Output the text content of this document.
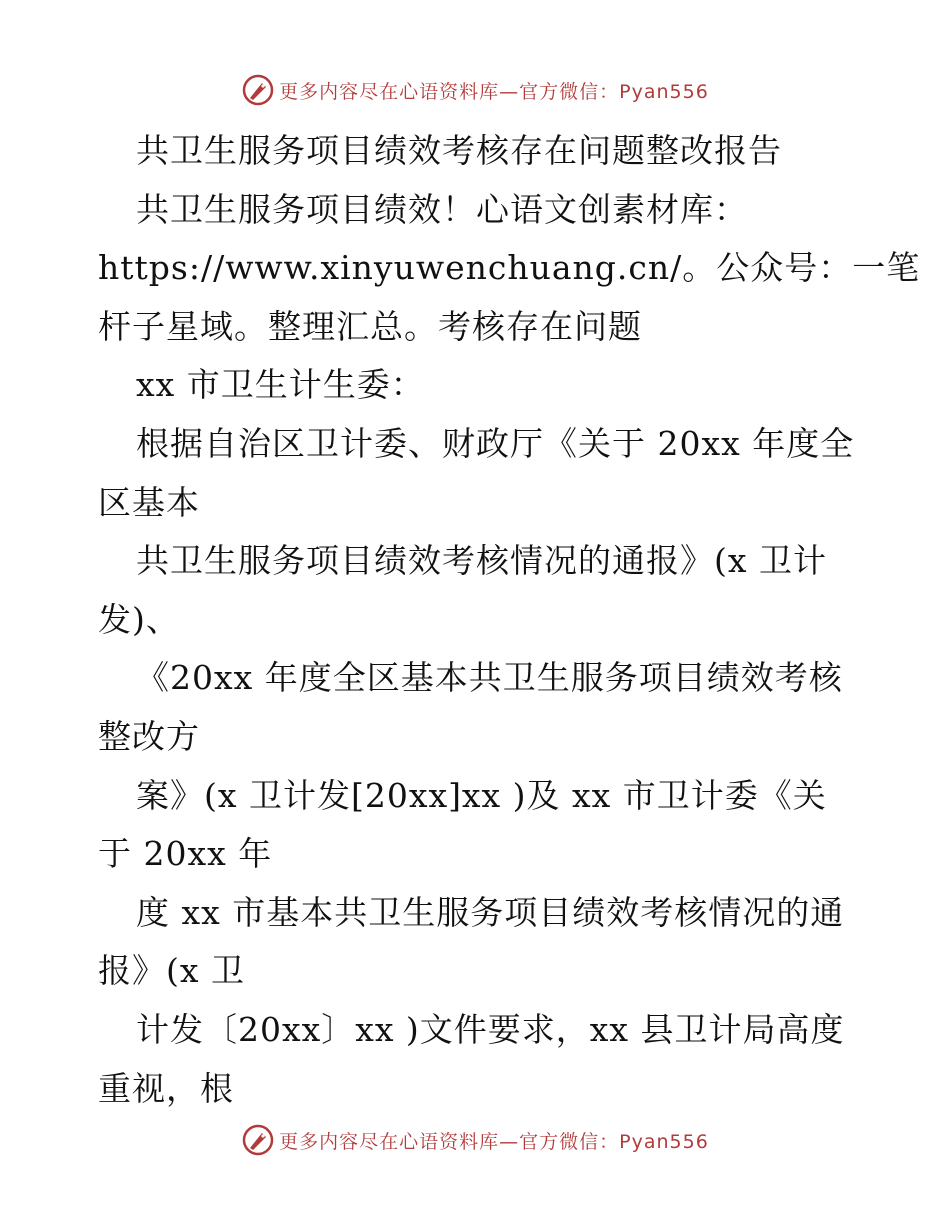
更多内容尽在心语资料库—官方微信：Pyan556
共卫生服务项目绩效考核存在问题整改报告
共卫生服务项目绩效！心语文创素材库：
https://www.xinyuwenchuang.cn/。公众号：一笔
杆子星域。整理汇总。考核存在问题
xx 市卫生计生委：
根据自治区卫计委、财政厅《关于 20xx 年度全
区基本
共卫生服务项目绩效考核情况的通报》(x 卫计
发)、
《20xx 年度全区基本共卫生服务项目绩效考核
整改方
案》(x 卫计发[20xx]xx )及 xx 市卫计委《关
于 20xx 年
度 xx 市基本共卫生服务项目绩效考核情况的通
报》(x 卫
计发〔20xx〕xx )文件要求，xx 县卫计局高度
重视，根
更多内容尽在心语资料库—官方微信：Pyan556
